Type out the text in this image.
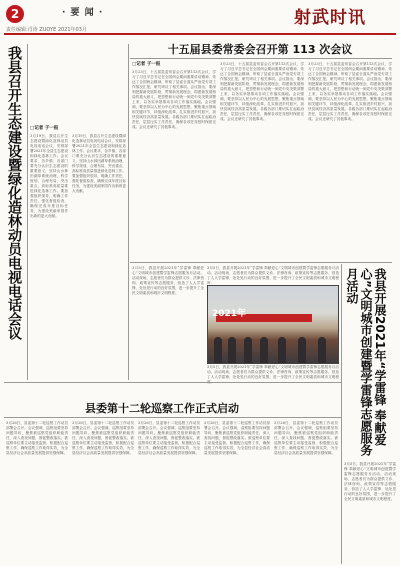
2	· 要 闻 ·	射武时讯
责任编辑:肖涛 ZUOYE 2021年03月
十五届县委常委会召开第 113 次会议
□记者 子一报
3月23日，十五届县委常委会召开第113次会议，学习了习近平总书记在全国两会期间重要讲话精神，传达了全国两会精神，听取了县委全面从严治党专项工作情况汇报，研究审议了相关事项。会议指出，要深刻把握新发展阶段、贯彻新发展理念、构建新发展格局的重大意义，把思想和行动统一到党中央决策部署上来，以务实举措推动各项工作落实落地。会议强调，要坚持以人民为中心的发展思想，聚焦重点领域和关键环节，持续深化改革，扎实推进乡村振兴，加快县域经济高质量发展。各级各部门要切实扛起政治责任，层层压实工作责任，确保各项任务按时保质完成。会议还研究了其他事项。
3月23日，十五届县委常委会召开第113次会议，学习了习近平总书记在全国两会期间重要讲话精神，传达了全国两会精神，听取了县委全面从严治党专项工作情况汇报，研究审议了相关事项。会议指出，要深刻把握新发展阶段、贯彻新发展理念、构建新发展格局的重大意义，把思想和行动统一到党中央决策部署上来，以务实举措推动各项工作落实落地。会议强调，要坚持以人民为中心的发展思想，聚焦重点领域和关键环节，持续深化改革，扎实推进乡村振兴，加快县域经济高质量发展。各级各部门要切实扛起政治责任，层层压实工作责任，确保各项任务按时保质完成。会议还研究了其他事项。
3月23日，十五届县委常委会召开第113次会议，学习了习近平总书记在全国两会期间重要讲话精神，传达了全国两会精神，听取了县委全面从严治党专项工作情况汇报，研究审议了相关事项。会议指出，要深刻把握新发展阶段、贯彻新发展理念、构建新发展格局的重大意义，把思想和行动统一到党中央决策部署上来，以务实举措推动各项工作落实落地。会议强调，要坚持以人民为中心的发展思想，聚焦重点领域和关键环节，持续深化改革，扎实推进乡村振兴，加快县域经济高质量发展。各级各部门要切实扛起政治责任，层层压实工作责任，确保各项任务按时保质完成。会议还研究了其他事项。
我县召开生态建设暨绿化造林动员电视电话会议 □记者 子一报
3月19日，我县召开生态建设暨绿化造林动员电视电话会议，安排部署2021年全县生态建设和绿化造林工作。会议要求，各乡镇、各部门要充分认识生态建设的重要意义，坚持山水林田湖草系统治理，科学规划，合理布局，突出重点，高标准高质量推进绿化造林工作。要加强组织领导，明确工作责任，强化督促检查，确保完成年度目标任务，为建设美丽家园作出新的更大贡献。
3月19日，我县召开生态建设暨绿化造林动员电视电话会议，安排部署2021年全县生态建设和绿化造林工作。会议要求，各乡镇、各部门要充分认识生态建设的重要意义，坚持山水林田湖草系统治理，科学规划，合理布局，突出重点，高标准高质量推进绿化造林工作。要加强组织领导，明确工作责任，强化督促检查，确保完成年度目标任务，为建设美丽家园作出新的更大贡献。
3月5日，我县开展2021年“学雷锋 奉献爱心”文明城市创建暨学雷锋志愿服务月活动。活动现场，志愿者们为群众提供义诊、法律咨询、政策宣传等志愿服务，营造了人人学雷锋、处处见行动的良好氛围，进一步提升了全民文明素质和城市文明程度。
3月5日，我县开展2021年“学雷锋 奉献爱心”文明城市创建暨学雷锋志愿服务月活动。活动现场，志愿者们为群众提供义诊、法律咨询、政策宣传等志愿服务，营造了人人学雷锋、处处见行动的良好氛围，进一步提升了全民文明素质和城市文明程度。
2021年	我县开展2021年“学雷锋 奉献爱心”文明城市创建暨学雷锋志愿服务月活动
3月5日，我县开展2021年“学雷锋 奉献爱心”文明城市创建暨学雷锋志愿服务月活动。活动现场，志愿者们为群众提供义诊、法律咨询、政策宣传等志愿服务，营造了人人学雷锋、处处见行动的良好氛围，进一步提升了全民文明素质和城市文明程度。
3月5日，我县开展2021年“学雷锋 奉献爱心”文明城市创建暨学雷锋志愿服务月活动。活动现场，志愿者们为群众提供义诊、法律咨询、政策宣传等志愿服务，营造了人人学雷锋、处处见行动的良好氛围，进一步提升了全民文明素质和城市文明程
县委第十二轮巡察工作正式启动
3月26日，县委第十二轮巡察工作动员部署会召开。会议强调，巡察组要坚持问题导向，聚焦被巡察党组织职能责任，深入查找问题，督促整改落实。被巡察单位要主动接受监督，积极配合巡察工作，确保巡察工作取得实效，为全县经济社会高质量发展提供坚强保障。
3月26日，县委第十二轮巡察工作动员部署会召开。会议强调，巡察组要坚持问题导向，聚焦被巡察党组织职能责任，深入查找问题，督促整改落实。被巡察单位要主动接受监督，积极配合巡察工作，确保巡察工作取得实效，为全县经济社会高质量发展提供坚强保障。
3月26日，县委第十二轮巡察工作动员部署会召开。会议强调，巡察组要坚持问题导向，聚焦被巡察党组织职能责任，深入查找问题，督促整改落实。被巡察单位要主动接受监督，积极配合巡察工作，确保巡察工作取得实效，为全县经济社会高质量发展提供坚强保障。
3月26日，县委第十二轮巡察工作动员部署会召开。会议强调，巡察组要坚持问题导向，聚焦被巡察党组织职能责任，深入查找问题，督促整改落实。被巡察单位要主动接受监督，积极配合巡察工作，确保巡察工作取得实效，为全县经济社会高质量发展提供坚强保障。
3月26日，县委第十二轮巡察工作动员部署会召开。会议强调，巡察组要坚持问题导向，聚焦被巡察党组织职能责任，深入查找问题，督促整改落实。被巡察单位要主动接受监督，积极配合巡察工作，确保巡察工作取得实效，为全县经济社会高质量发展提供坚强保障。
